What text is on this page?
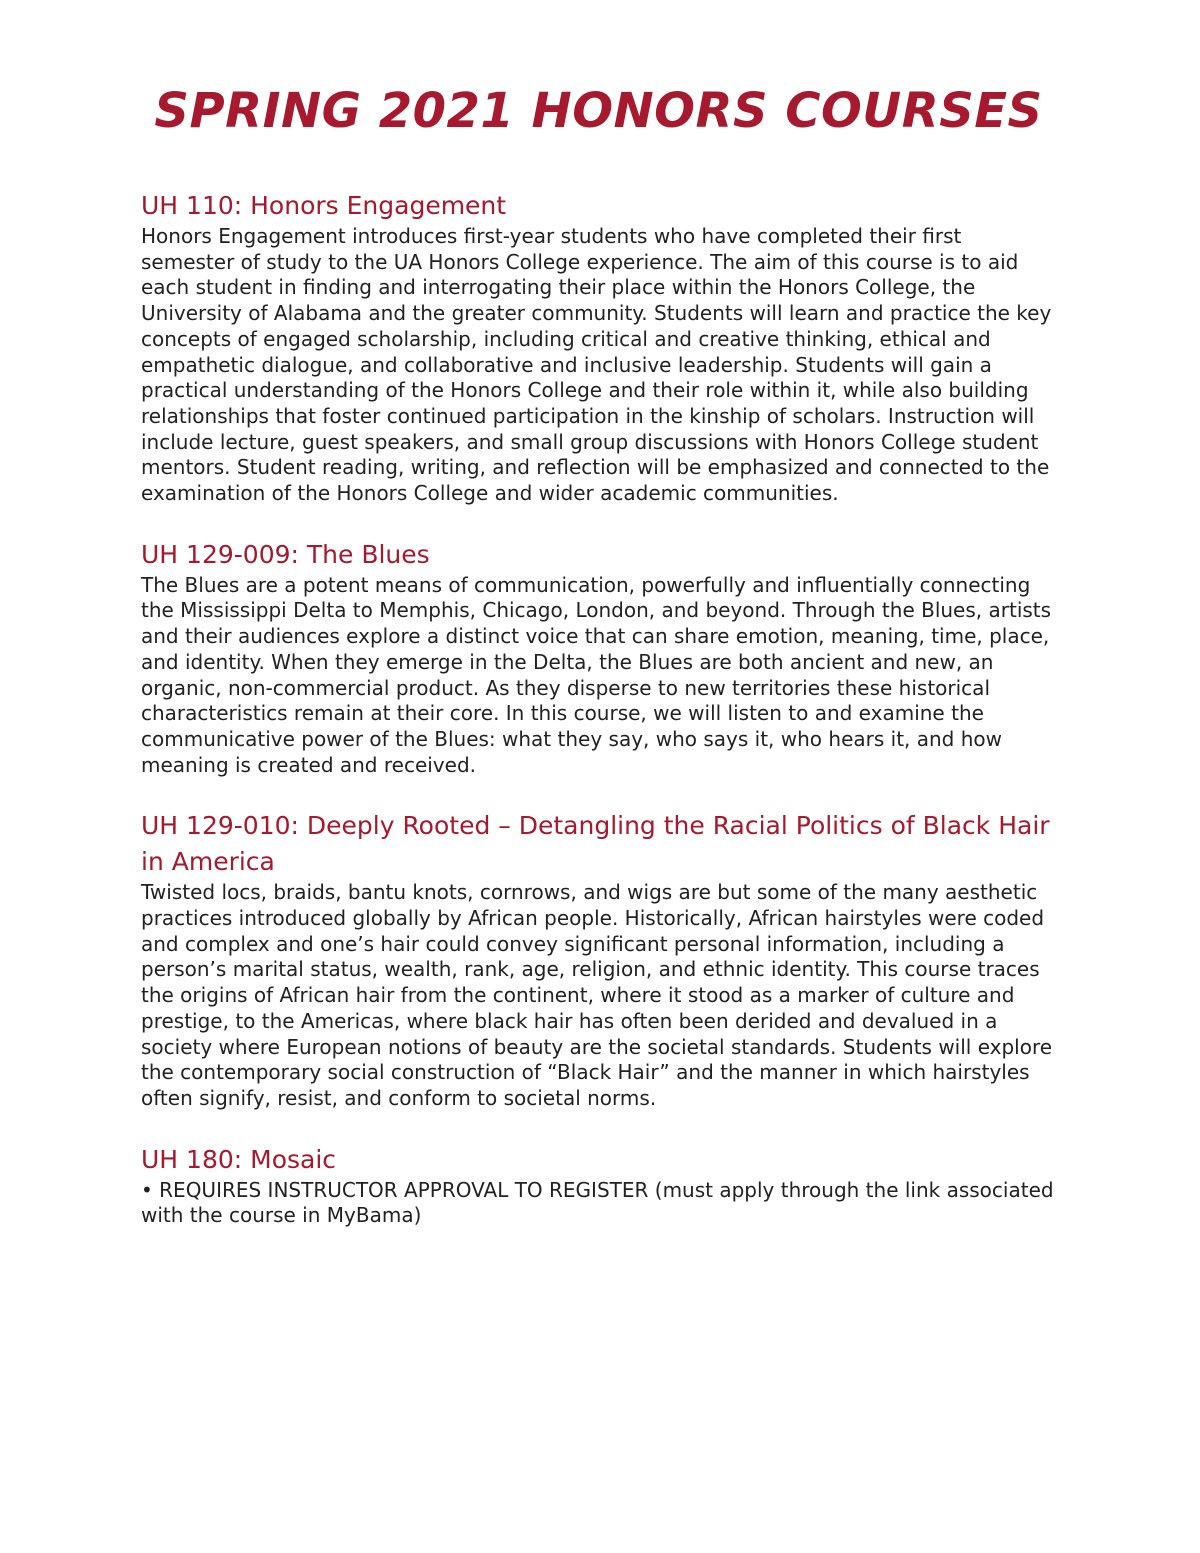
SPRING 2021 HONORS COURSES
UH 110: Honors Engagement

Honors Engagement introduces first-year students who have completed their first semester of study to the UA Honors College experience. The aim of this course is to aid each student in finding and interrogating their place within the Honors College, the University of Alabama and the greater community. Students will learn and practice the key concepts of engaged scholarship, including critical and creative thinking, ethical and empathetic dialogue, and collaborative and inclusive leadership. Students will gain a practical understanding of the Honors College and their role within it, while also building relationships that foster continued participation in the kinship of scholars. Instruction will include lecture, guest speakers, and small group discussions with Honors College student mentors. Student reading, writing, and reflection will be emphasized and connected to the examination of the Honors College and wider academic communities.

UH 129-009: The Blues

The Blues are a potent means of communication, powerfully and influentially connecting the Mississippi Delta to Memphis, Chicago, London, and beyond. Through the Blues, artists and their audiences explore a distinct voice that can share emotion, meaning, time, place, and identity. When they emerge in the Delta, the Blues are both ancient and new, an organic, non-commercial product. As they disperse to new territories these historical characteristics remain at their core. In this course, we will listen to and examine the communicative power of the Blues: what they say, who says it, who hears it, and how meaning is created and received.

UH 129-010: Deeply Rooted – Detangling the Racial Politics of Black Hair in America

Twisted locs, braids, bantu knots, cornrows, and wigs are but some of the many aesthetic practices introduced globally by African people. Historically, African hairstyles were coded and complex and one’s hair could convey significant personal information, including a person’s marital status, wealth, rank, age, religion, and ethnic identity. This course traces the origins of African hair from the continent, where it stood as a marker of culture and prestige, to the Americas, where black hair has often been derided and devalued in a society where European notions of beauty are the societal standards. Students will explore the contemporary social construction of “Black Hair” and the manner in which hairstyles often signify, resist, and conform to societal norms.

UH 180: Mosaic

• REQUIRES INSTRUCTOR APPROVAL TO REGISTER (must apply through the link associated with the course in MyBama)
